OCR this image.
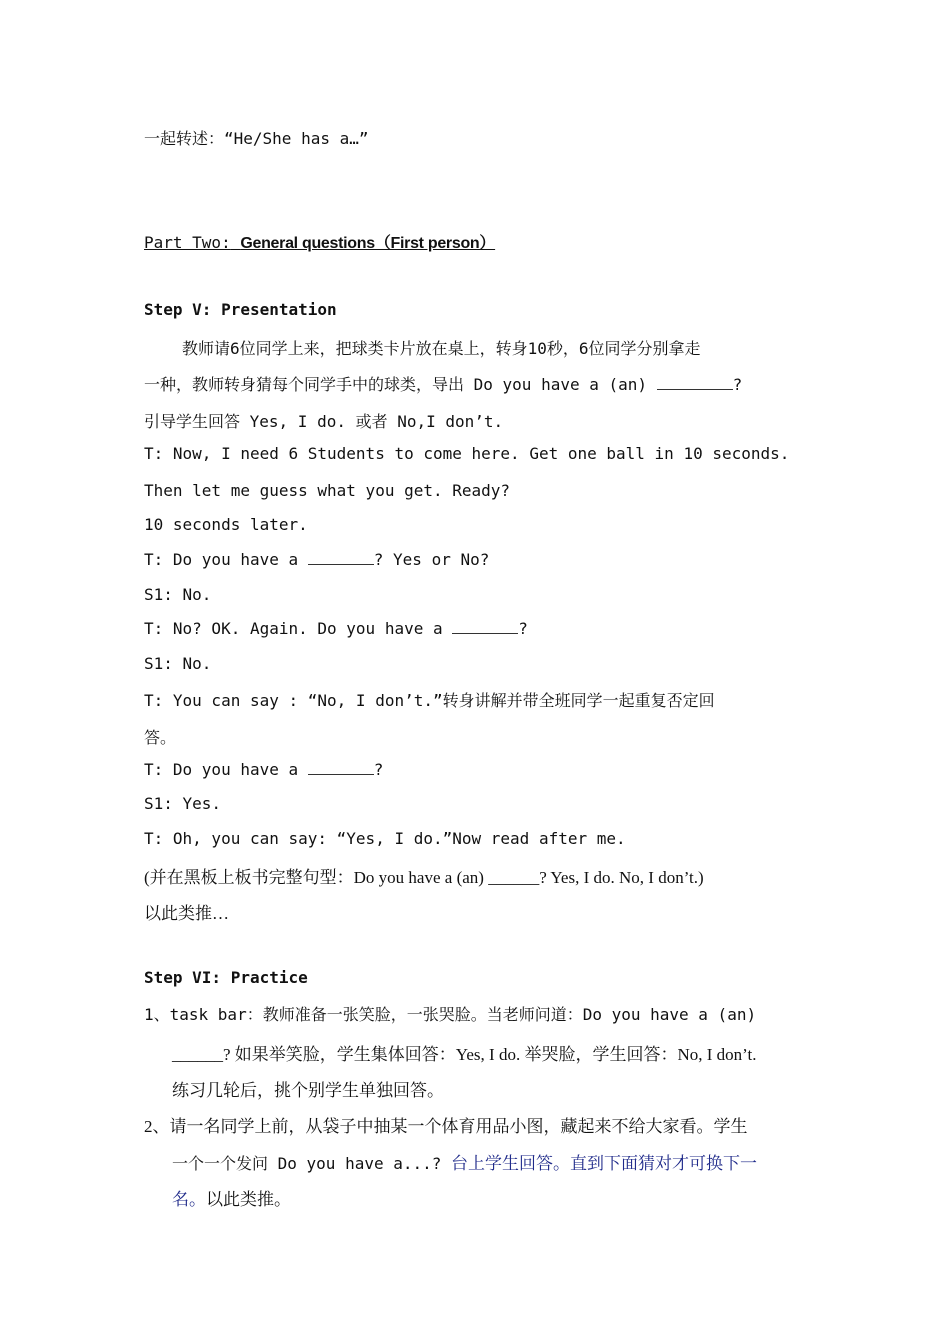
一起转述：“He/She has a…”
Part Two: General questions（First person）
Step V: Presentation
教师请6位同学上来，把球类卡片放在桌上，转身10秒，6位同学分别拿走
一种，教师转身猜每个同学手中的球类，导出 Do you have a (an)	?
引导学生回答 Yes, I do. 或者 No,I don’t.
T: Now, I need 6 Students to come here. Get one ball in 10 seconds.
Then let me guess what you get. Ready?
10 seconds later.
T: Do you have a	? Yes or No?
S1: No.
T: No? OK. Again. Do you have a	?
S1: No.
T: You can say : “No, I don’t.”转身讲解并带全班同学一起重复否定回
答。
T: Do you have a	?
S1: Yes.
T: Oh, you can say: “Yes, I do.”Now read after me.
(并在黑板上板书完整句型：Do you have a (an) ______? Yes, I do. No, I don’t.)
以此类推…
Step VI: Practice
1、task bar：教师准备一张笑脸，一张哭脸。当老师问道：Do you have a (an)
______? 如果举笑脸，学生集体回答：Yes, I do. 举哭脸，学生回答：No, I don’t.
练习几轮后，挑个别学生单独回答。
2、请一名同学上前，从袋子中抽某一个体育用品小图，藏起来不给大家看。学生
一个一个发问 Do you have a...? 台上学生回答。直到下面猜对才可换下一
名。以此类推。
